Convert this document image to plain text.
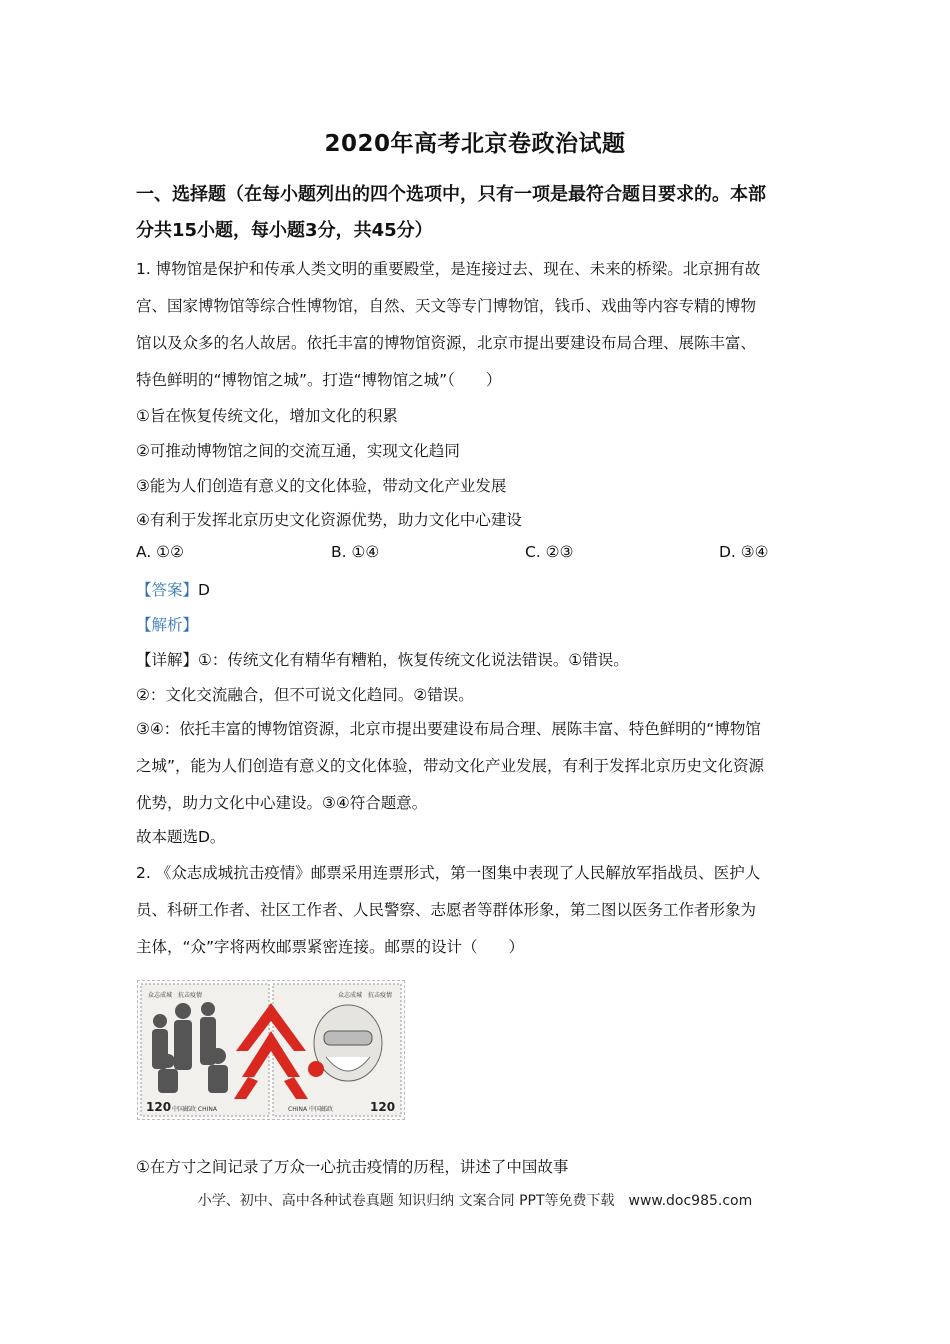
2020年高考北京卷政治试题
一、选择题（在每小题列出的四个选项中，只有一项是最符合题目要求的。本部
分共15小题，每小题3分，共45分）
1. 博物馆是保护和传承人类文明的重要殿堂，是连接过去、现在、未来的桥梁。北京拥有故
宫、国家博物馆等综合性博物馆，自然、天文等专门博物馆，钱币、戏曲等内容专精的博物
馆以及众多的名人故居。依托丰富的博物馆资源，北京市提出要建设布局合理、展陈丰富、
特色鲜明的“博物馆之城”。打造“博物馆之城”（　　）
①旨在恢复传统文化，增加文化的积累
②可推动博物馆之间的交流互通，实现文化趋同
③能为人们创造有意义的文化体验，带动文化产业发展
④有利于发挥北京历史文化资源优势，助力文化中心建设
A. ①②	B. ①④	C. ②③	D. ③④
【答案】D
【解析】
【详解】①：传统文化有精华有糟粕，恢复传统文化说法错误。①错误。
②：文化交流融合，但不可说文化趋同。②错误。
③④：依托丰富的博物馆资源，北京市提出要建设布局合理、展陈丰富、特色鲜明的“博物馆
之城”，能为人们创造有意义的文化体验，带动文化产业发展，有利于发挥北京历史文化资源
优势，助力文化中心建设。③④符合题意。
故本题选D。
2. 《众志成城抗击疫情》邮票采用连票形式，第一图集中表现了人民解放军指战员、医护人
员、科研工作者、社区工作者、人民警察、志愿者等群体形象，第二图以医务工作者形象为
主体，“众”字将两枚邮票紧密连接。邮票的设计（　　）
众志成城　抗击疫情	众志成城　抗击疫情
120 中国邮政 CHINA	CHINA 中国邮政	120
①在方寸之间记录了万众一心抗击疫情的历程，讲述了中国故事
小学、初中、高中各种试卷真题 知识归纳 文案合同 PPT等免费下载　www.doc985.com
